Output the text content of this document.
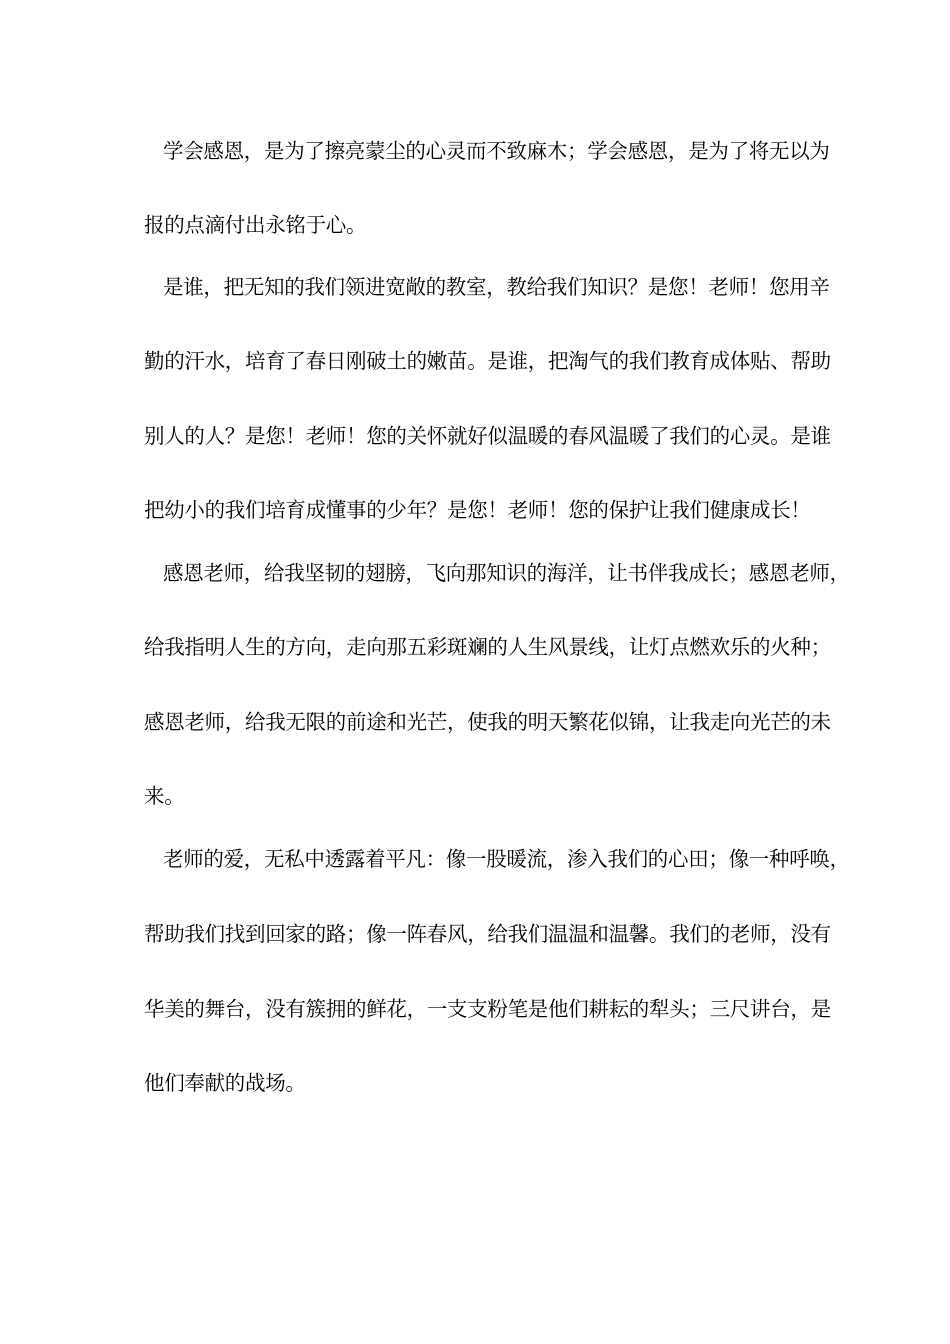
学会感恩，是为了擦亮蒙尘的心灵而不致麻木；学会感恩，是为了将无以为
报的点滴付出永铭于心。
是谁，把无知的我们领进宽敞的教室，教给我们知识？是您！老师！您用辛
勤的汗水，培育了春日刚破土的嫩苗。是谁，把淘气的我们教育成体贴、帮助
别人的人？是您！老师！您的关怀就好似温暖的春风温暖了我们的心灵。是谁
把幼小的我们培育成懂事的少年？是您！老师！您的保护让我们健康成长！
感恩老师，给我坚韧的翅膀，飞向那知识的海洋，让书伴我成长；感恩老师，
给我指明人生的方向，走向那五彩斑斓的人生风景线，让灯点燃欢乐的火种；
感恩老师，给我无限的前途和光芒，使我的明天繁花似锦，让我走向光芒的未
来。
老师的爱，无私中透露着平凡：像一股暖流，渗入我们的心田；像一种呼唤，
帮助我们找到回家的路；像一阵春风，给我们温温和温馨。我们的老师，没有
华美的舞台，没有簇拥的鲜花，一支支粉笔是他们耕耘的犁头；三尺讲台，是
他们奉献的战场。
